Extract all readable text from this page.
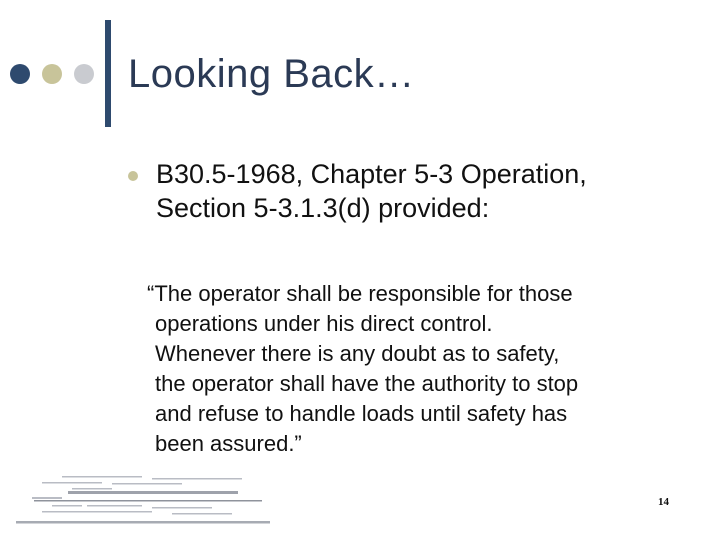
Looking Back…
B30.5-1968, Chapter 5-3 Operation,
Section 5-3.1.3(d) provided:
“The operator shall be responsible for those
operations under his direct control.
Whenever there is any doubt as to safety,
the operator shall have the authority to stop
and refuse to handle loads until safety has
been assured.”
14
